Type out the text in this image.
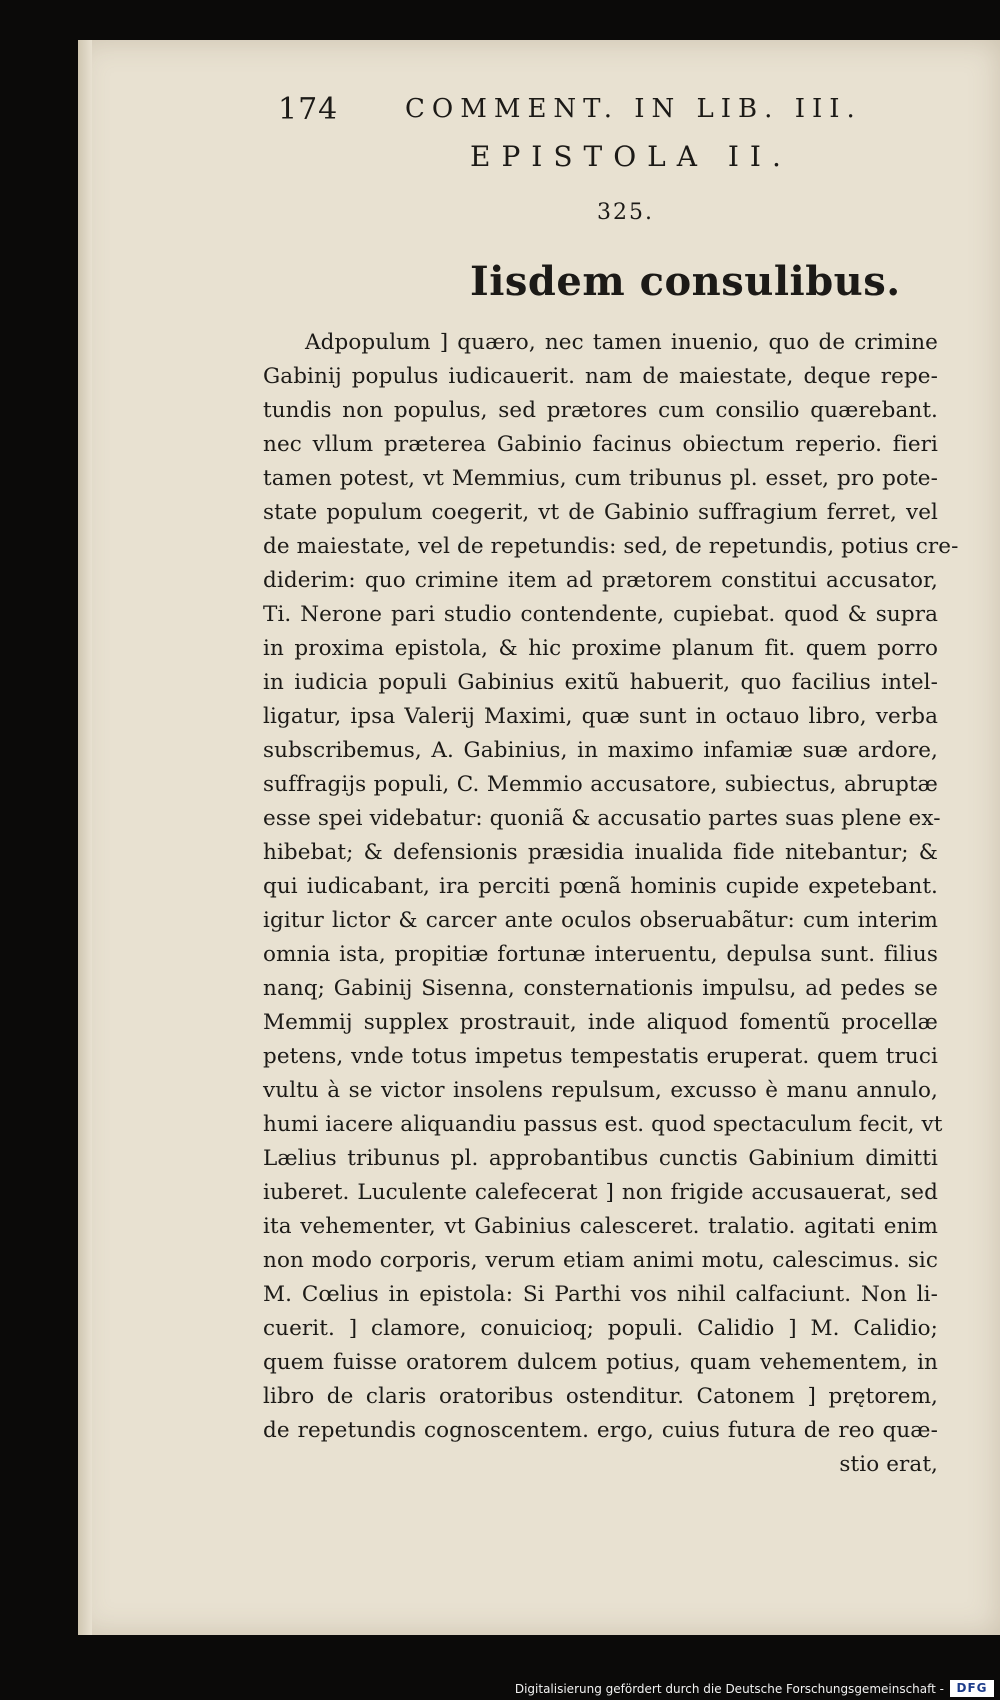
174	COMMENT. IN LIB. III.
EPISTOLA II.
325.
Iisdem consulibus.
Adpopulum ] quæro, nec tamen inuenio, quo de crimine
Gabinij populus iudicauerit. nam de maiestate, deque repe-
tundis non populus, sed prætores cum consilio quærebant.
nec vllum præterea Gabinio facinus obiectum reperio. fieri
tamen potest, vt Memmius, cum tribunus pl. esset, pro pote-
state populum coegerit, vt de Gabinio suffragium ferret, vel
de maiestate, vel de repetundis: sed, de repetundis, potius cre-
diderim: quo crimine item ad prætorem constitui accusator,
Ti. Nerone pari studio contendente, cupiebat. quod & supra
in proxima epistola, & hic proxime planum fit. quem porro
in iudicia populi Gabinius exitũ habuerit, quo facilius intel-
ligatur, ipsa Valerij Maximi, quæ sunt in octauo libro, verba
subscribemus, A. Gabinius, in maximo infamiæ suæ ardore,
suffragijs populi, C. Memmio accusatore, subiectus, abruptæ
esse spei videbatur: quoniã & accusatio partes suas plene ex-
hibebat; & defensionis præsidia inualida fide nitebantur; &
qui iudicabant, ira perciti pœnã hominis cupide expetebant.
igitur lictor & carcer ante oculos obseruabãtur: cum interim
omnia ista, propitiæ fortunæ interuentu, depulsa sunt. filius
nanq; Gabinij Sisenna, consternationis impulsu, ad pedes se
Memmij supplex prostrauit, inde aliquod fomentũ procellæ
petens, vnde totus impetus tempestatis eruperat. quem truci
vultu à se victor insolens repulsum, excusso è manu annulo,
humi iacere aliquandiu passus est. quod spectaculum fecit, vt
Lælius tribunus pl. approbantibus cunctis Gabinium dimitti
iuberet. Luculente calefecerat ] non frigide accusauerat, sed
ita vehementer, vt Gabinius calesceret. tralatio. agitati enim
non modo corporis, verum etiam animi motu, calescimus. sic
M. Cœlius in epistola: Si Parthi vos nihil calfaciunt. Non li-
cuerit. ] clamore, conuicioq; populi. Calidio ] M. Calidio;
quem fuisse oratorem dulcem potius, quam vehementem, in
libro de claris oratoribus ostenditur. Catonem ] prętorem,
de repetundis cognoscentem. ergo, cuius futura de reo quæ-
stio erat,
Digitalisierung gefördert durch die Deutsche Forschungsgemeinschaft -	DFG
